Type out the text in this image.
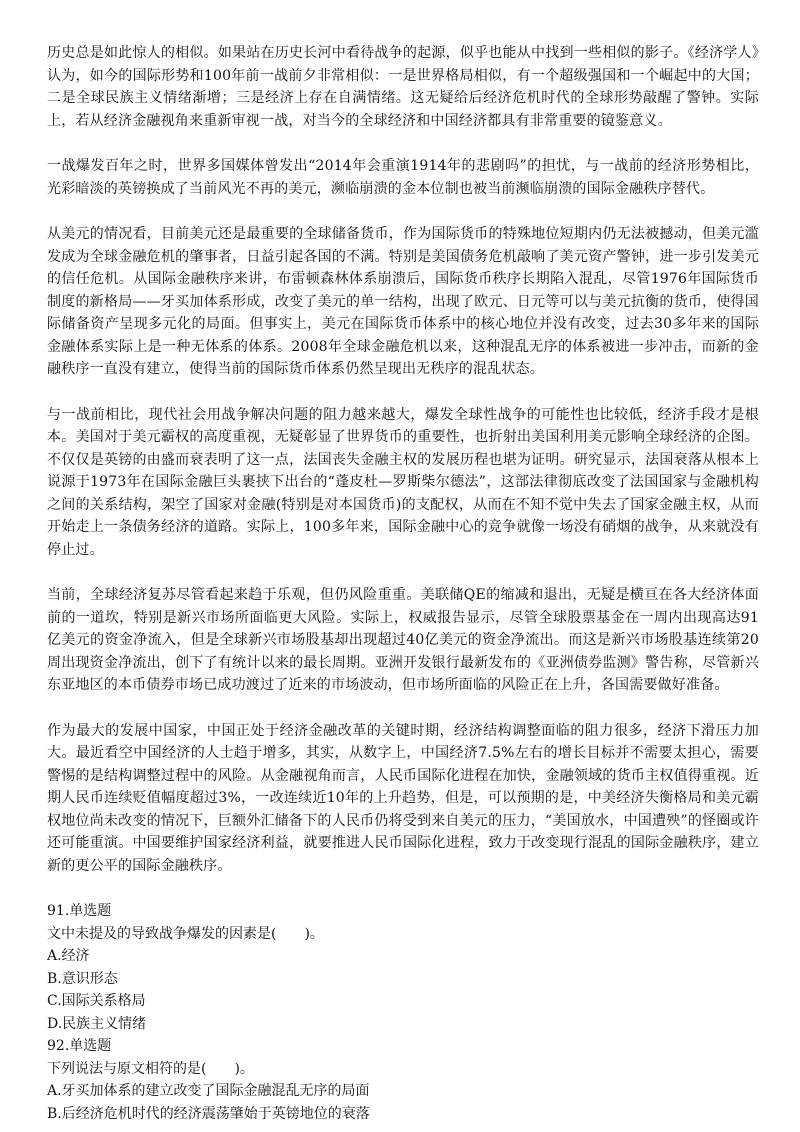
历史总是如此惊人的相似。如果站在历史长河中看待战争的起源，似乎也能从中找到一些相似的影子。《经济学人》认为，如今的国际形势和100年前一战前夕非常相似：一是世界格局相似，有一个超级强国和一个崛起中的大国；二是全球民族主义情绪渐增；三是经济上存在自满情绪。这无疑给后经济危机时代的全球形势敲醒了警钟。实际上，若从经济金融视角来重新审视一战，对当今的全球经济和中国经济都具有非常重要的镜鉴意义。

一战爆发百年之时，世界多国媒体曾发出“2014年会重演1914年的悲剧吗”的担忧，与一战前的经济形势相比，光彩暗淡的英镑换成了当前风光不再的美元，濒临崩溃的金本位制也被当前濒临崩溃的国际金融秩序替代。

从美元的情况看，目前美元还是最重要的全球储备货币，作为国际货币的特殊地位短期内仍无法被撼动，但美元滥发成为全球金融危机的肇事者，日益引起各国的不满。特别是美国债务危机敲响了美元资产警钟，进一步引发美元的信任危机。从国际金融秩序来讲，布雷顿森林体系崩溃后，国际货币秩序长期陷入混乱，尽管1976年国际货币制度的新格局——牙买加体系形成，改变了美元的单一结构，出现了欧元、日元等可以与美元抗衡的货币，使得国际储备资产呈现多元化的局面。但事实上，美元在国际货币体系中的核心地位并没有改变，过去30多年来的国际金融体系实际上是一种无体系的体系。2008年全球金融危机以来，这种混乱无序的体系被进一步冲击，而新的金融秩序一直没有建立，使得当前的国际货币体系仍然呈现出无秩序的混乱状态。

与一战前相比，现代社会用战争解决问题的阻力越来越大，爆发全球性战争的可能性也比较低，经济手段才是根本。美国对于美元霸权的高度重视，无疑彰显了世界货币的重要性，也折射出美国利用美元影响全球经济的企图。不仅仅是英镑的由盛而衰表明了这一点，法国丧失金融主权的发展历程也堪为证明。研究显示，法国衰落从根本上说源于1973年在国际金融巨头裹挟下出台的“蓬皮杜—罗斯柴尔德法”，这部法律彻底改变了法国国家与金融机构之间的关系结构，架空了国家对金融(特别是对本国货币)的支配权，从而在不知不觉中失去了国家金融主权，从而开始走上一条债务经济的道路。实际上，100多年来，国际金融中心的竞争就像一场没有硝烟的战争，从来就没有停止过。

当前，全球经济复苏尽管看起来趋于乐观，但仍风险重重。美联储QE的缩减和退出，无疑是横亘在各大经济体面前的一道坎，特别是新兴市场所面临更大风险。实际上，权威报告显示，尽管全球股票基金在一周内出现高达91亿美元的资金净流入，但是全球新兴市场股基却出现超过40亿美元的资金净流出。而这是新兴市场股基连续第20周出现资金净流出，创下了有统计以来的最长周期。亚洲开发银行最新发布的《亚洲债券监测》警告称，尽管新兴东亚地区的本币债券市场已成功渡过了近来的市场波动，但市场所面临的风险正在上升，各国需要做好准备。

作为最大的发展中国家，中国正处于经济金融改革的关键时期，经济结构调整面临的阻力很多，经济下滑压力加大。最近看空中国经济的人士趋于增多，其实，从数字上，中国经济7.5%左右的增长目标并不需要太担心，需要警惕的是结构调整过程中的风险。从金融视角而言，人民币国际化进程在加快，金融领域的货币主权值得重视。近期人民币连续贬值幅度超过3%，一改连续近10年的上升趋势，但是，可以预期的是，中美经济失衡格局和美元霸权地位尚未改变的情况下，巨额外汇储备下的人民币仍将受到来自美元的压力，“美国放水，中国遭殃”的怪圈或许还可能重演。中国要维护国家经济利益，就要推进人民币国际化进程，致力于改变现行混乱的国际金融秩序，建立新的更公平的国际金融秩序。

91.单选题

文中未提及的导致战争爆发的因素是(　　)。

A.经济

B.意识形态

C.国际关系格局

D.民族主义情绪

92.单选题

下列说法与原文相符的是(　　)。

A.牙买加体系的建立改变了国际金融混乱无序的局面

B.后经济危机时代的经济震荡肇始于英镑地位的衰落
